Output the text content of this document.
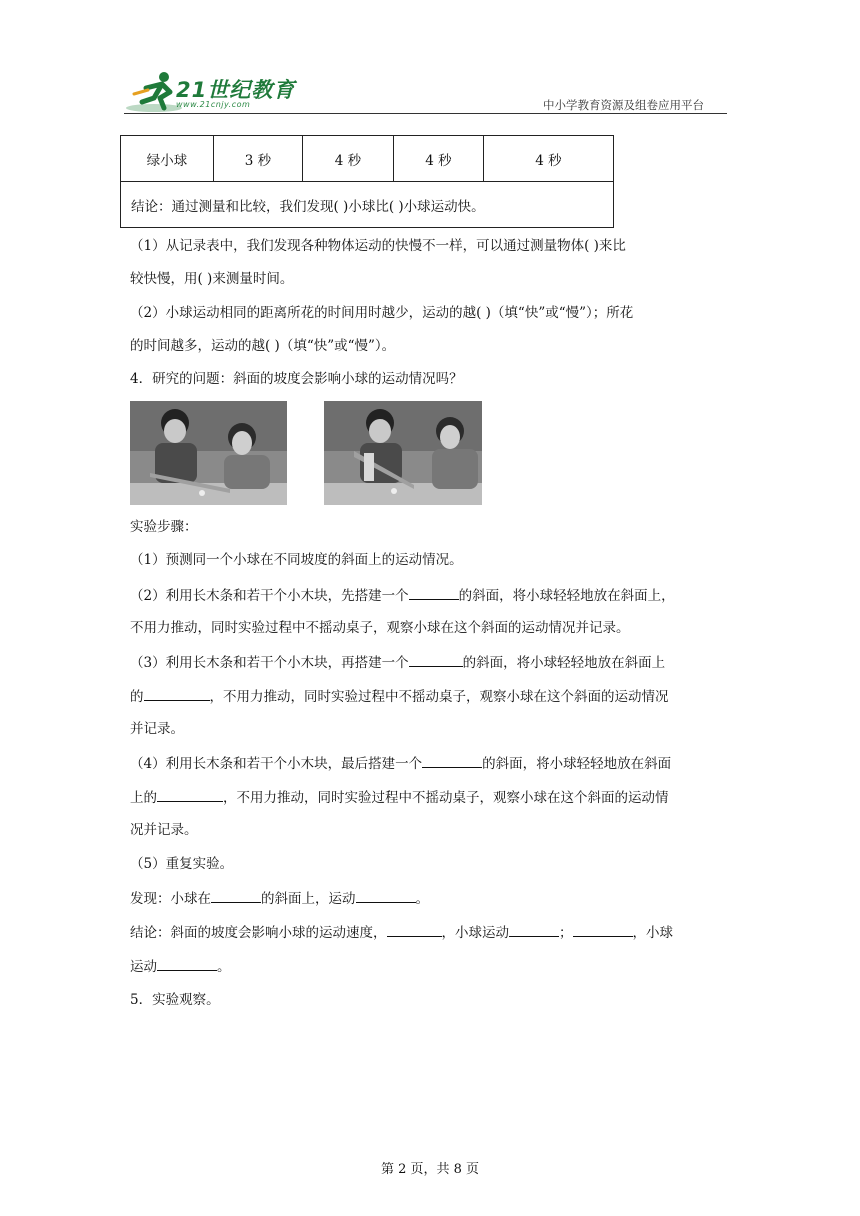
21世纪教育
www.21cnjy.com	中小学教育资源及组卷应用平台
绿小球	3 秒	4 秒	4 秒	4 秒
结论：通过测量和比较，我们发现( )小球比( )小球运动快。
（1）从记录表中，我们发现各种物体运动的快慢不一样，可以通过测量物体( )来比
较快慢，用( )来测量时间。
（2）小球运动相同的距离所花的时间用时越少，运动的越( )（填“快”或“慢”）；所花
的时间越多，运动的越( )（填“快”或“慢”）。
4．研究的问题：斜面的坡度会影响小球的运动情况吗？
实验步骤：
（1）预测同一个小球在不同坡度的斜面上的运动情况。
（2）利用长木条和若干个小木块，先搭建一个	的斜面，将小球轻轻地放在斜面上，
不用力推动，同时实验过程中不摇动桌子，观察小球在这个斜面的运动情况并记录。
（3）利用长木条和若干个小木块，再搭建一个	的斜面，将小球轻轻地放在斜面上
的	，不用力推动，同时实验过程中不摇动桌子，观察小球在这个斜面的运动情况
并记录。
（4）利用长木条和若干个小木块，最后搭建一个	的斜面，将小球轻轻地放在斜面
上的	，不用力推动，同时实验过程中不摇动桌子，观察小球在这个斜面的运动情
况并记录。
（5）重复实验。
发现：小球在	的斜面上，运动	。
结论：斜面的坡度会影响小球的运动速度，	，小球运动	；	，小球
运动	。
5．实验观察。
第 2 页，共 8 页
